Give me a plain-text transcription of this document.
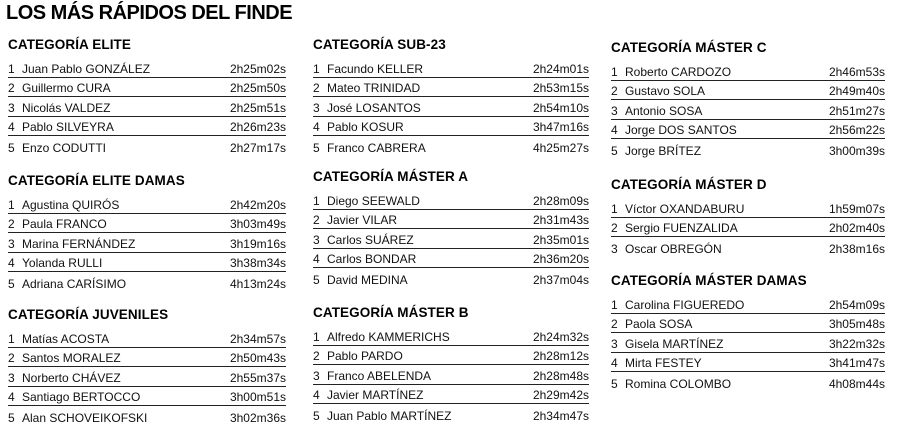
LOS MÁS RÁPIDOS DEL FINDE
CATEGORÍA ELITE
1 Juan Pablo GONZÁLEZ	2h25m02s
2 Guillermo CURA	2h25m50s
3 Nicolás VALDEZ	2h25m51s
4 Pablo SILVEYRA	2h26m23s
5 Enzo CODUTTI	2h27m17s
CATEGORÍA ELITE DAMAS
1 Agustina QUIRÓS	2h42m20s
2 Paula FRANCO	3h03m49s
3 Marina FERNÁNDEZ	3h19m16s
4 Yolanda RULLI	3h38m34s
5 Adriana CARÍSIMO	4h13m24s
CATEGORÍA JUVENILES
1 Matías ACOSTA	2h34m57s
2 Santos MORALEZ	2h50m43s
3 Norberto CHÁVEZ	2h55m37s
4 Santiago BERTOCCO	3h00m51s
5 Alan SCHOVEIKOFSKI	3h02m36s
CATEGORÍA SUB-23
1 Facundo KELLER	2h24m01s
2 Mateo TRINIDAD	2h53m15s
3 José LOSANTOS	2h54m10s
4 Pablo KOSUR	3h47m16s
5 Franco CABRERA	4h25m27s
CATEGORÍA MÁSTER A
1 Diego SEEWALD	2h28m09s
2 Javier VILAR	2h31m43s
3 Carlos SUÁREZ	2h35m01s
4 Carlos BONDAR	2h36m20s
5 David MEDINA	2h37m04s
CATEGORÍA MÁSTER B
1 Alfredo KAMMERICHS	2h24m32s
2 Pablo PARDO	2h28m12s
3 Franco ABELENDA	2h28m48s
4 Javier MARTÍNEZ	2h29m42s
5 Juan Pablo MARTÍNEZ	2h34m47s
CATEGORÍA MÁSTER C
1 Roberto CARDOZO	2h46m53s
2 Gustavo SOLA	2h49m40s
3 Antonio SOSA	2h51m27s
4 Jorge DOS SANTOS	2h56m22s
5 Jorge BRÍTEZ	3h00m39s
CATEGORÍA MÁSTER D
1 Víctor OXANDABURU	1h59m07s
2 Sergio FUENZALIDA	2h02m40s
3 Oscar OBREGÓN	2h38m16s
CATEGORÍA MÁSTER DAMAS
1 Carolina FIGUEREDO	2h54m09s
2 Paola SOSA	3h05m48s
3 Gisela MARTÍNEZ	3h22m32s
4 Mirta FESTEY	3h41m47s
5 Romina COLOMBO	4h08m44s
